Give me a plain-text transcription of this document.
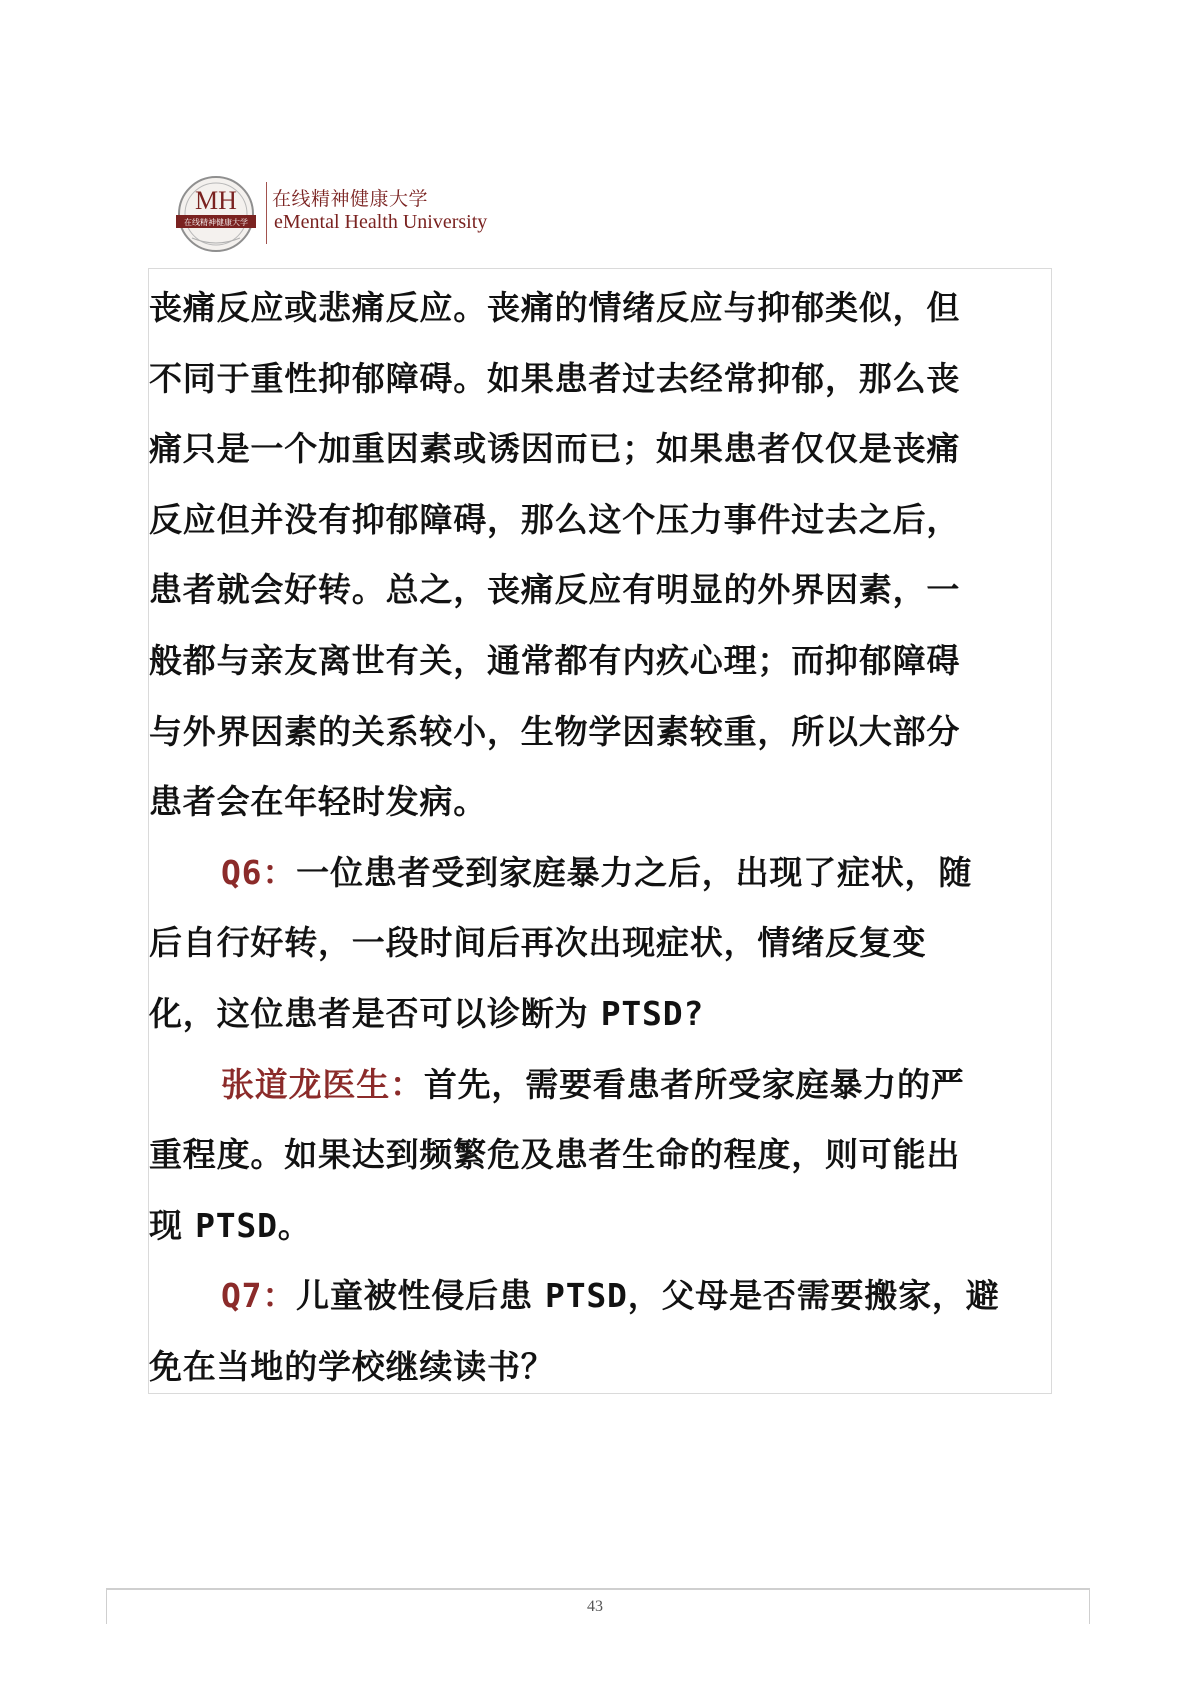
MH
在线精神健康大学
在线精神健康大学
eMental Health University
丧痛反应或悲痛反应。丧痛的情绪反应与抑郁类似，但
不同于重性抑郁障碍。如果患者过去经常抑郁，那么丧
痛只是一个加重因素或诱因而已；如果患者仅仅是丧痛
反应但并没有抑郁障碍，那么这个压力事件过去之后，
患者就会好转。总之，丧痛反应有明显的外界因素，一
般都与亲友离世有关，通常都有内疚心理；而抑郁障碍
与外界因素的关系较小，生物学因素较重，所以大部分
患者会在年轻时发病。
Q6：一位患者受到家庭暴力之后，出现了症状，随
后自行好转，一段时间后再次出现症状，情绪反复变
化，这位患者是否可以诊断为 PTSD?
张道龙医生：首先，需要看患者所受家庭暴力的严
重程度。如果达到频繁危及患者生命的程度，则可能出
现 PTSD。
Q7：儿童被性侵后患 PTSD，父母是否需要搬家，避
免在当地的学校继续读书？
43
